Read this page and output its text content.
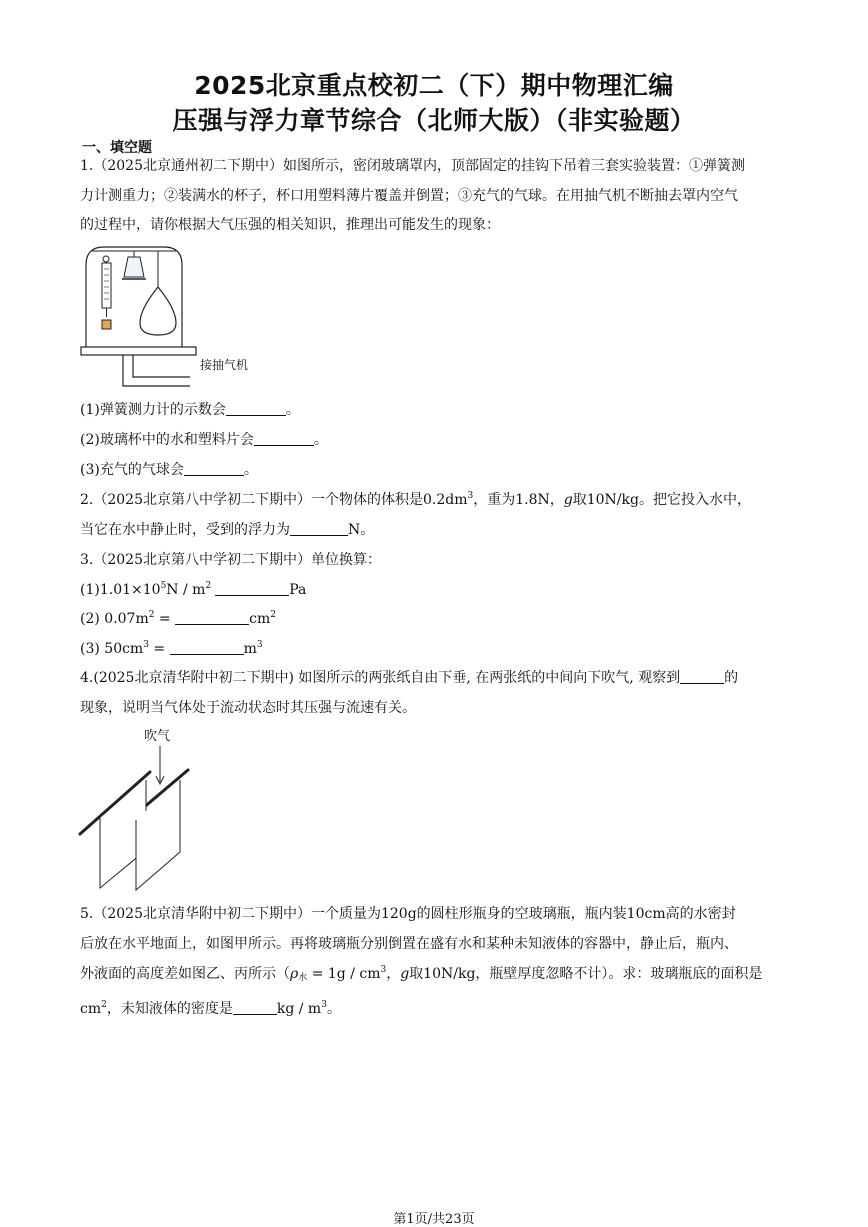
2025北京重点校初二（下）期中物理汇编
压强与浮力章节综合（北师大版）（非实验题）
一、填空题
1.（2025北京通州初二下期中）如图所示，密闭玻璃罩内，顶部固定的挂钩下吊着三套实验装置：①弹簧测
力计测重力；②装满水的杯子，杯口用塑料薄片覆盖并倒置；③充气的气球。在用抽气机不断抽去罩内空气
的过程中，请你根据大气压强的相关知识，推理出可能发生的现象：
接抽气机
(1)弹簧测力计的示数会	。
(2)玻璃杯中的水和塑料片会	。
(3)充气的气球会	。
2.（2025北京第八中学初二下期中）一个物体的体积是$0.2dm^3$，重为1.8N，g取10N/kg。把它投入水中，
当它在水中静止时，受到的浮力为	N。
3.（2025北京第八中学初二下期中）单位换算：
$(1)1.01\times 10^5N / m^2$	Pa
(2) $0.07m^2$ =	$cm^2$
(3) $50cm^3$ =	$m^3$
4.(2025北京清华附中初二下期中) 如图所示的两张纸自由下垂, 在两张纸的中间向下吹气, 观察到	的
现象，说明当气体处于流动状态时其压强与流速有关。
吹气
5.（2025北京清华附中初二下期中）一个质量为120g的圆柱形瓶身的空玻璃瓶，瓶内装10cm高的水密封
后放在水平地面上，如图甲所示。再将玻璃瓶分别倒置在盛有水和某种未知液体的容器中，静止后，瓶内、
外液面的高度差如图乙、丙所示（$\rho_水 = 1g / cm^3$，g取10N/kg，瓶壁厚度忽略不计）。求：玻璃瓶底的面积是
$cm^2$，未知液体的密度是	kg / $m^3$。
第1页/共23页
